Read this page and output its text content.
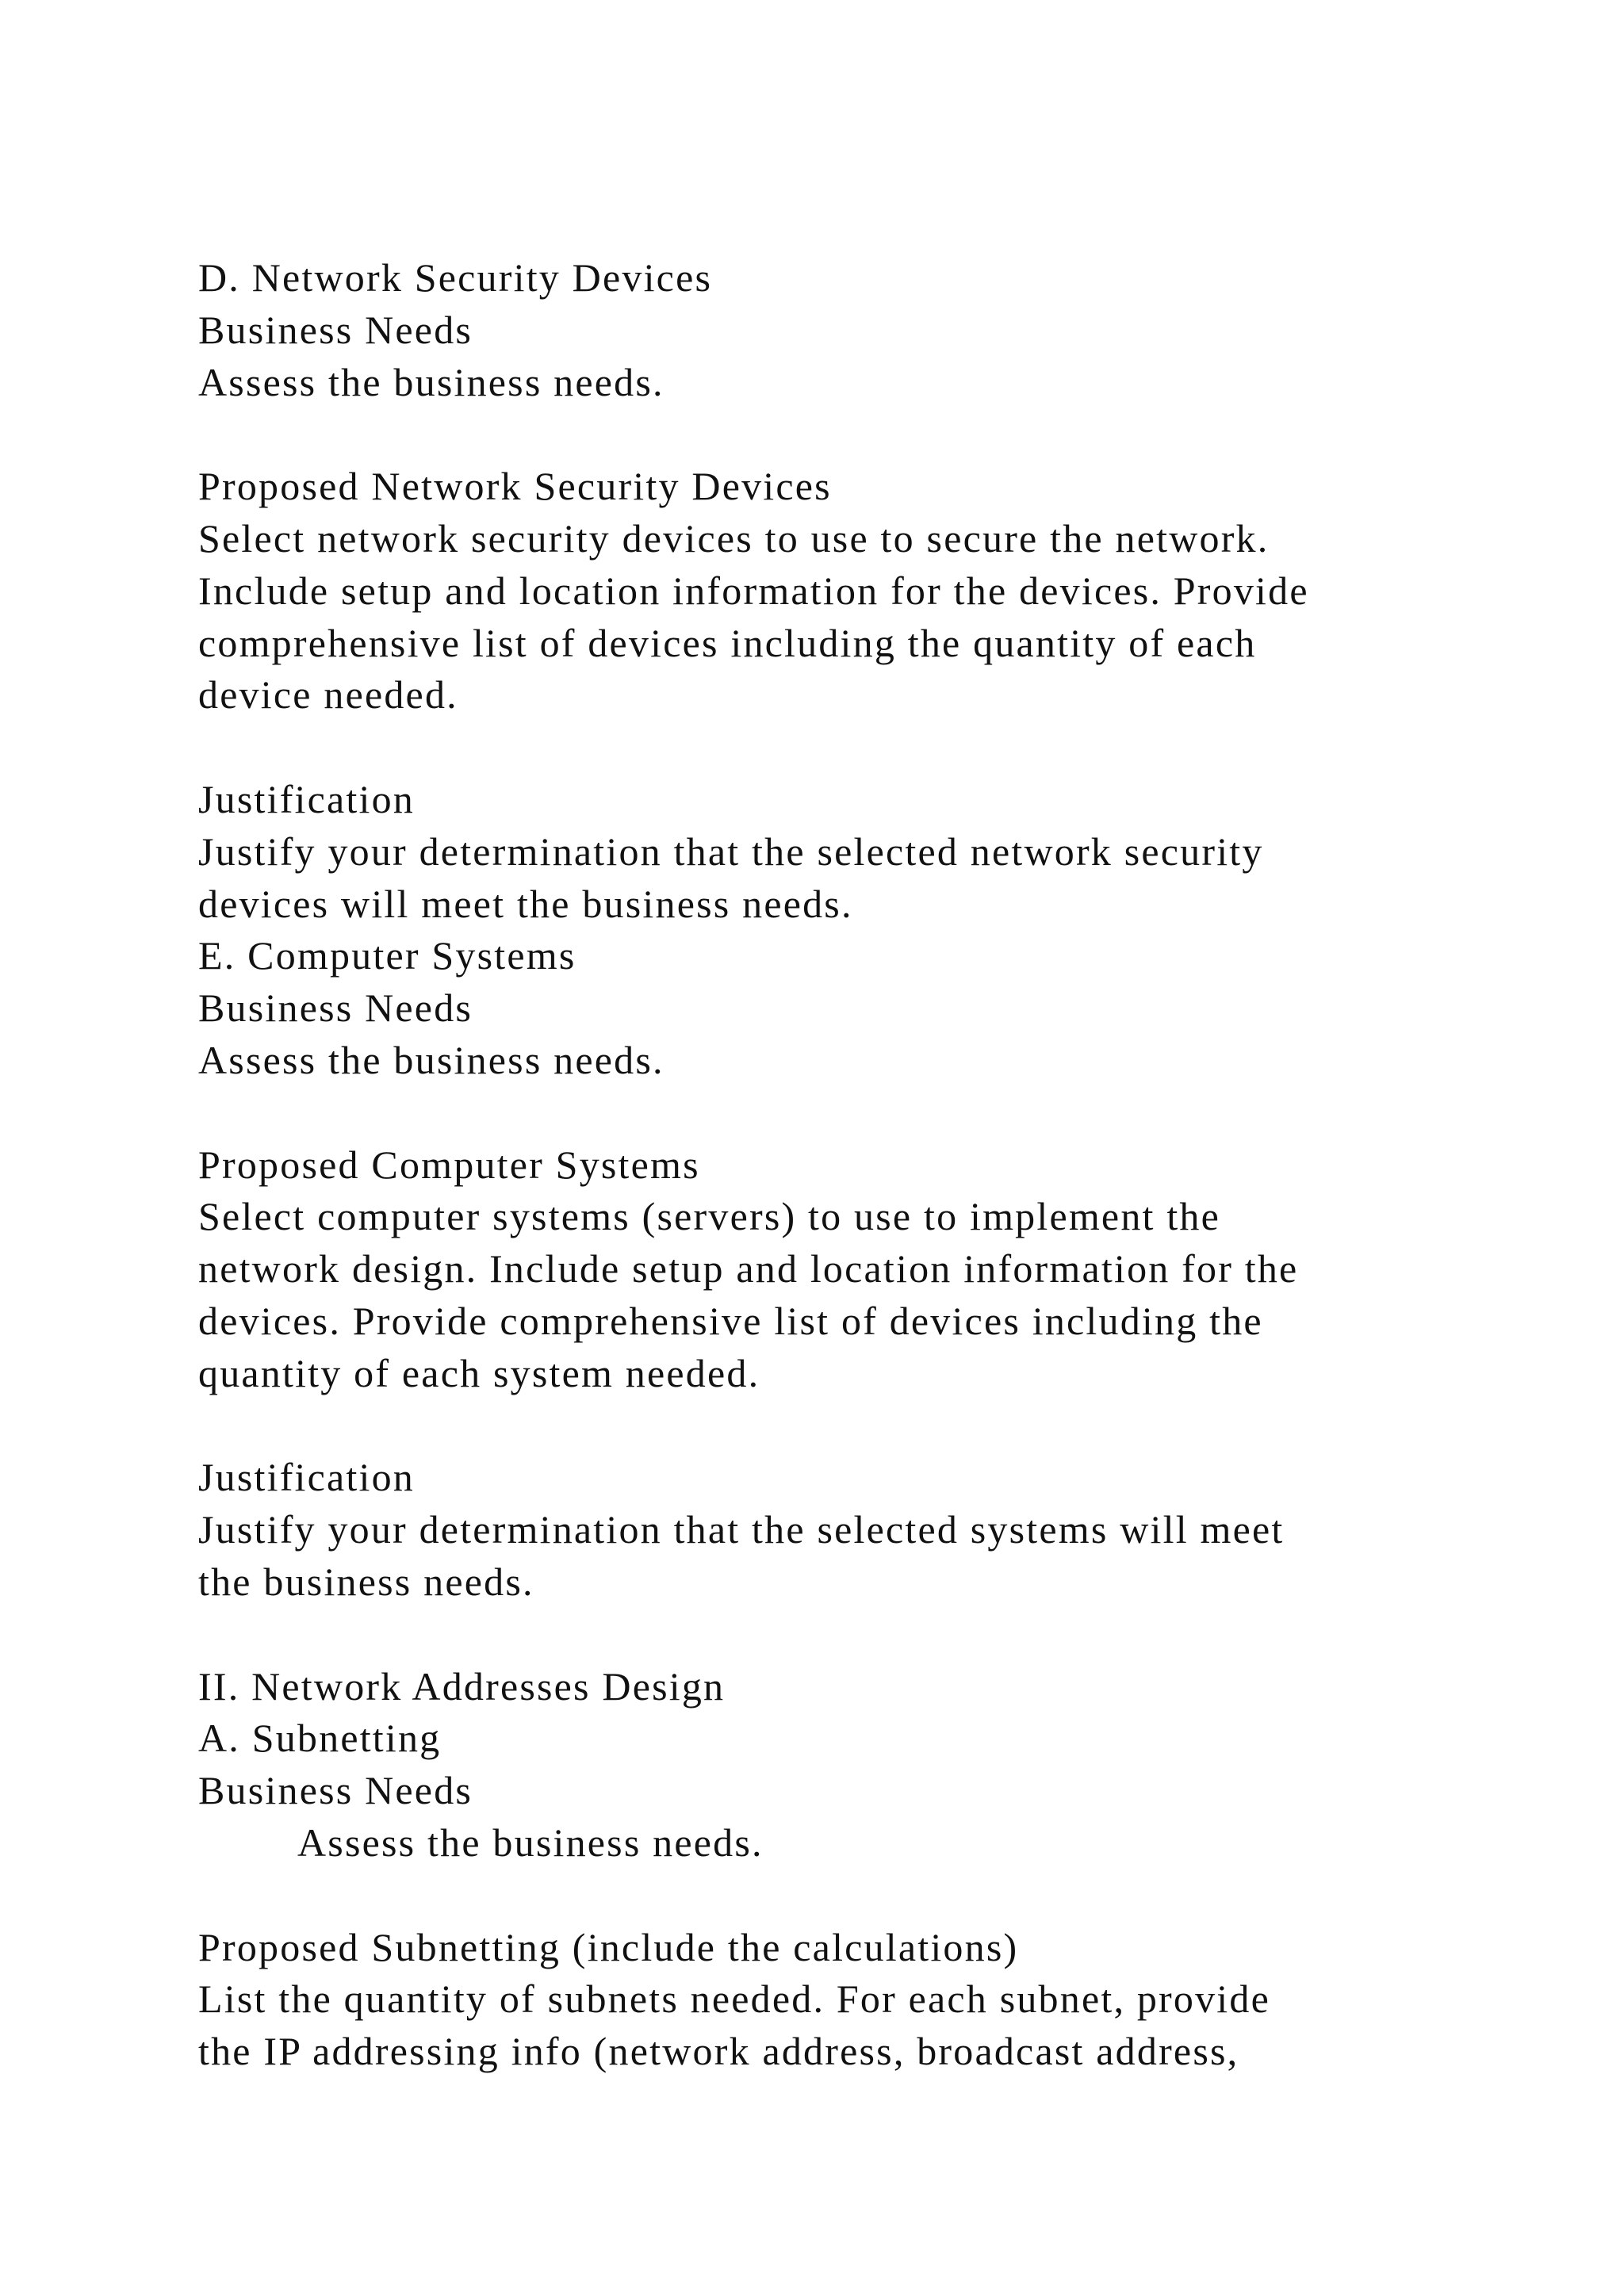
D. Network Security Devices
Business Needs
Assess the business needs.
Proposed Network Security Devices
Select network security devices to use to secure the network.
Include setup and location information for the devices. Provide
comprehensive list of devices including the quantity of each
device needed.
Justification
Justify your determination that the selected network security
devices will meet the business needs.
E. Computer Systems
Business Needs
Assess the business needs.
Proposed Computer Systems
Select computer systems (servers) to use to implement the
network design. Include setup and location information for the
devices. Provide comprehensive list of devices including the
quantity of each system needed.
Justification
Justify your determination that the selected systems will meet
the business needs.
II. Network Addresses Design
A. Subnetting
Business Needs
Assess the business needs.
Proposed Subnetting (include the calculations)
List the quantity of subnets needed. For each subnet, provide
the IP addressing info (network address, broadcast address,
